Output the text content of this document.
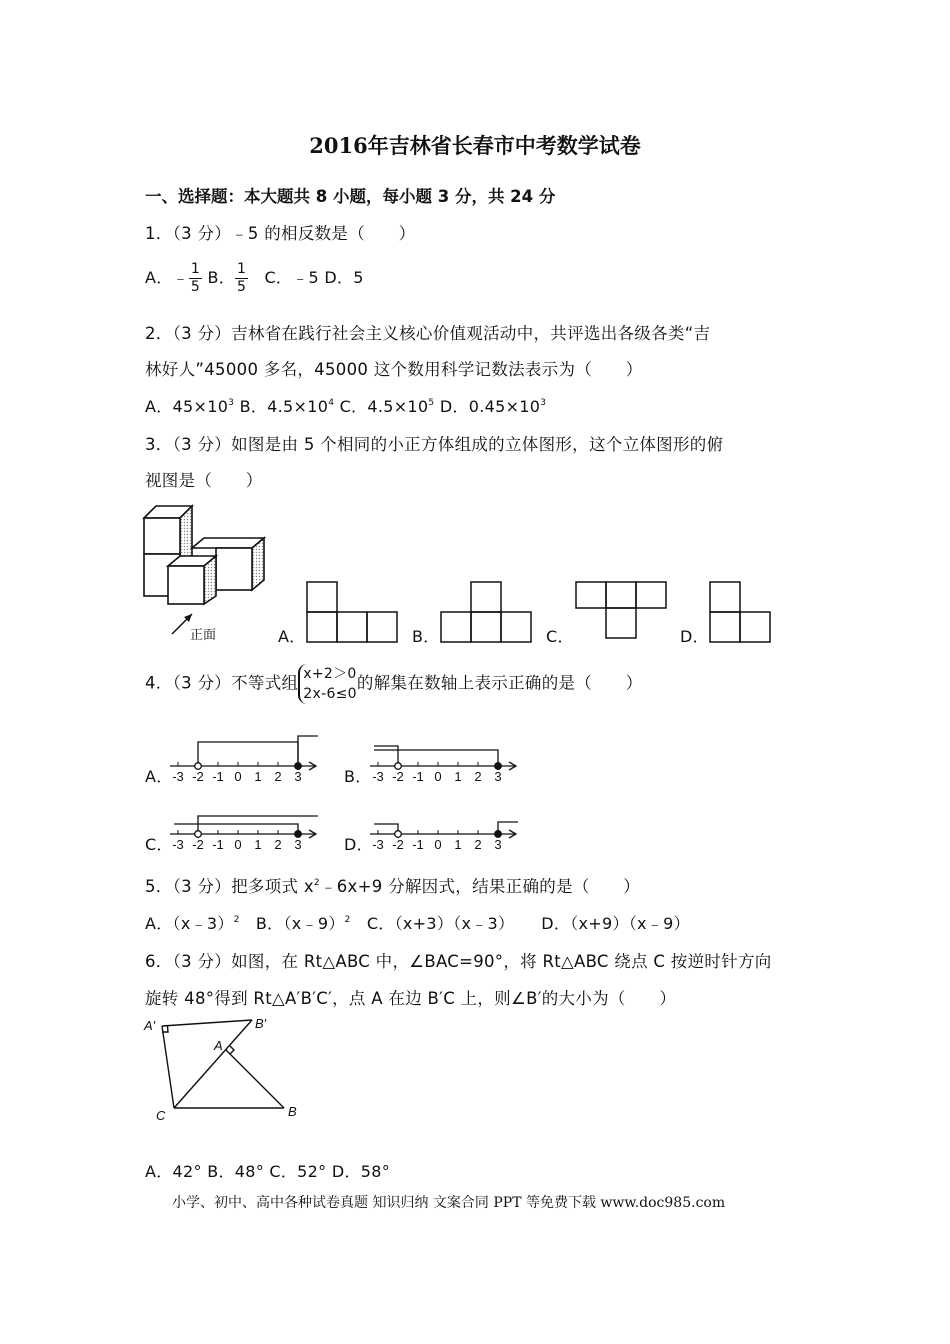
2016年吉林省长春市中考数学试卷
一、选择题：本大题共 8 小题，每小题 3 分，共 24 分
1．（3 分）﹣5 的相反数是（　　）
A．﹣ $\frac{1}{5}$ B． $\frac{1}{5}$ C．﹣5 D．5
2．（3 分）吉林省在践行社会主义核心价值观活动中，共评选出各级各类“吉
林好人”45000 多名，45000 这个数用科学记数法表示为（　　）
A．$45\times 10^3$ B．$4.5\times 10^4$ C．$4.5\times 10^5$ D．$0.45\times 10^3$
3．（3 分）如图是由 5 个相同的小正方体组成的立体图形，这个立体图形的俯
视图是（　　）
正面	A．	B．	C．	D．
4．（3 分）不等式组 x+2＞0
2x-6≤0
的解集在数轴上表示正确的是（　　）
A．	B．
C．	D．
-3 -2 -1 0 1 2 3	-3 -2 -1 0 1 2 3
-3 -2 -1 0 1 2 3	-3 -2 -1 0 1 2 3
5．（3 分）把多项式 $x^2﹣6x+9$ 分解因式，结果正确的是（　　）
A．（x﹣3）$^2$ B．（x﹣9）$^2$ C．（x+3）（x﹣3） D．（x+9）（x﹣9）
6．（3 分）如图，在 Rt△ABC 中，∠BAC=90°，将 Rt△ABC 绕点 C 按逆时针方向
旋转 48°得到 Rt△A′B′C′，点 A 在边 B′C 上，则∠B′的大小为（　　）
A′	B′
A
B
C
A．42° B．48° C．52° D．58°
小学、初中、高中各种试卷真题 知识归纳 文案合同 PPT 等免费下载 www.doc985.com
